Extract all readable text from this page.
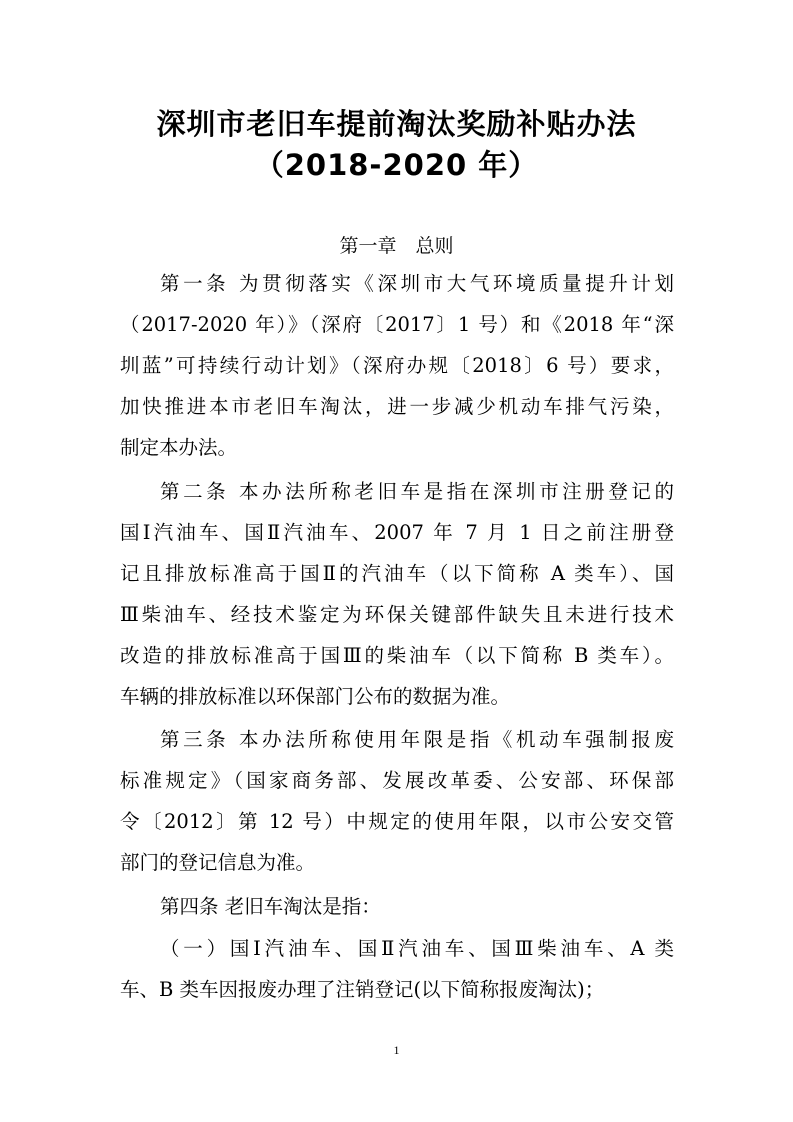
深圳市老旧车提前淘汰奖励补贴办法
（2018-2020 年）
第一章　总则
第一条 为贯彻落实《深圳市大气环境质量提升计划
（2017-2020 年）》（深府〔2017〕1 号）和《2018 年“深
圳蓝”可持续行动计划》（深府办规〔2018〕6 号）要求，
加快推进本市老旧车淘汰，进一步减少机动车排气污染，
制定本办法。
第二条 本办法所称老旧车是指在深圳市注册登记的
国Ⅰ汽油车、国Ⅱ汽油车、2007 年 7 月 1 日之前注册登
记且排放标准高于国Ⅱ的汽油车（以下简称 A 类车）、国
Ⅲ柴油车、经技术鉴定为环保关键部件缺失且未进行技术
改造的排放标准高于国Ⅲ的柴油车（以下简称 B 类车）。
车辆的排放标准以环保部门公布的数据为准。
第三条 本办法所称使用年限是指《机动车强制报废
标准规定》（国家商务部、发展改革委、公安部、环保部
令〔2012〕第 12 号）中规定的使用年限，以市公安交管
部门的登记信息为准。
第四条 老旧车淘汰是指：
（一）国Ⅰ汽油车、国Ⅱ汽油车、国Ⅲ柴油车、A 类
车、B 类车因报废办理了注销登记(以下简称报废淘汰)；
1
